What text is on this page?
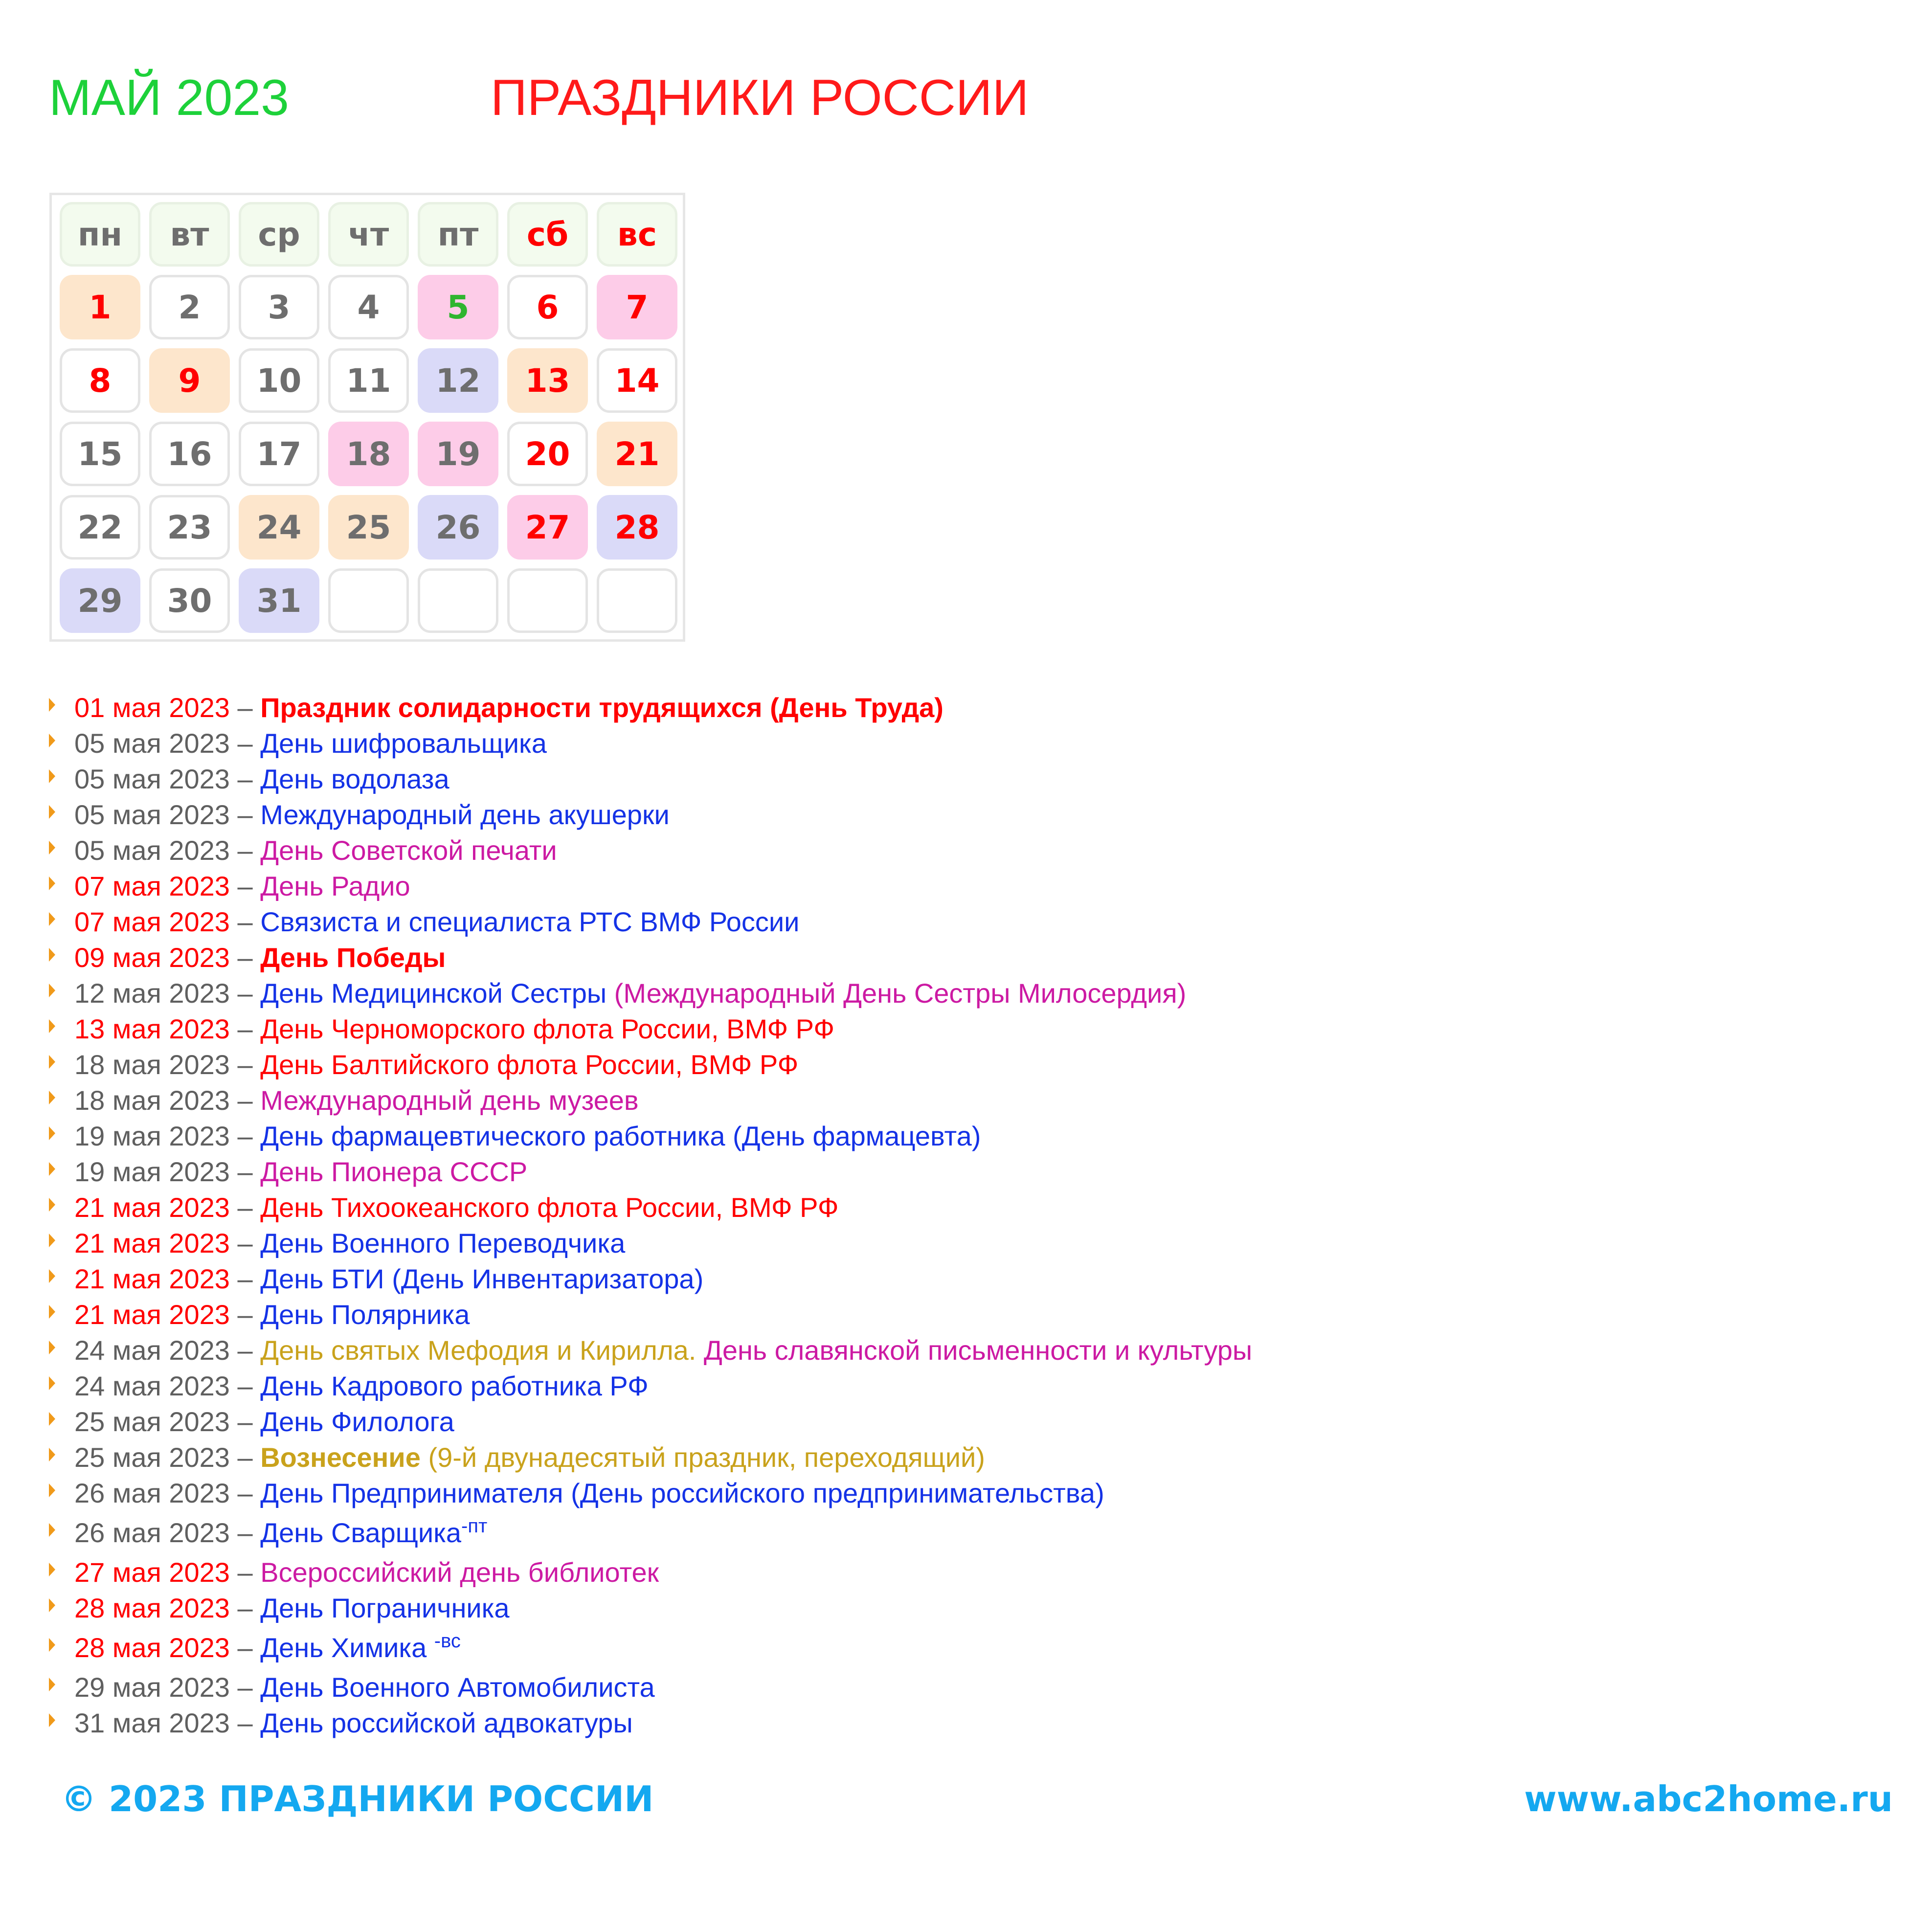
МАЙ 2023	ПРАЗДНИКИ РОССИИ
пн	вт	ср	чт	пт	сб	вс
1	2	3	4	5	6	7
8	9	10	11	12	13	14
15	16	17	18	19	20	21
22	23	24	25	26	27	28
29	30	31
01 мая 2023 – Праздник солидарности трудящихся (День Труда)
05 мая 2023 – День шифровальщика
05 мая 2023 – День водолаза
05 мая 2023 – Международный день акушерки
05 мая 2023 – День Советской печати
07 мая 2023 – День Радио
07 мая 2023 – Связиста и специалиста РТС ВМФ России
09 мая 2023 – День Победы
12 мая 2023 – День Медицинской Сестры (Международный День Сестры Милосердия)
13 мая 2023 – День Черноморского флота России, ВМФ РФ
18 мая 2023 – День Балтийского флота России, ВМФ РФ
18 мая 2023 – Международный день музеев
19 мая 2023 – День фармацевтического работника (День фармацевта)
19 мая 2023 – День Пионера СССР
21 мая 2023 – День Тихоокеанского флота России, ВМФ РФ
21 мая 2023 – День Военного Переводчика
21 мая 2023 – День БТИ (День Инвентаризатора)
21 мая 2023 – День Полярника
24 мая 2023 – День святых Мефодия и Кирилла. День славянской письменности и культуры
24 мая 2023 – День Кадрового работника РФ
25 мая 2023 – День Филолога
25 мая 2023 – Вознесение (9-й двунадесятый праздник, переходящий)
26 мая 2023 – День Предпринимателя (День российского предпринимательства)
26 мая 2023 – День Сварщика$^{-пт}$
27 мая 2023 – Всероссийский день библиотек
28 мая 2023 – День Пограничника
28 мая 2023 – День Химика $^{-вс}$
29 мая 2023 – День Военного Автомобилиста
31 мая 2023 – День российской адвокатуры
© 2023 ПРАЗДНИКИ РОССИИ	www.abc2home.ru
